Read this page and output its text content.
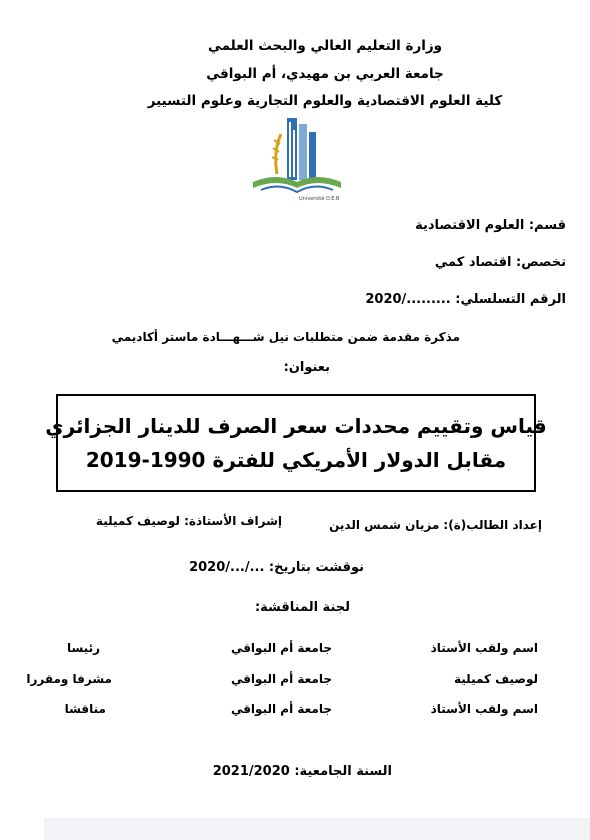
وزارة التعليم العالي والبحث العلمي
جامعة العربي بن مهيدي، أم البواقي
كلية العلوم الاقتصادية والعلوم التجارية وعلوم التسيير
Université O.E.B
قسم: العلوم الاقتصادية
تخصص: اقتصاد كمي
الرقم التسلسلي: ........./2020
مذكرة مقدمة ضمن متطلبات نيل شـــهـــادة ماستر أكاديمي
بعنوان:
قياس وتقييم محددات سعر الصرف للدينار الجزائري
مقابل الدولار الأمريكي للفترة 1990-2019
إعداد الطالب(ة): مزيان شمس الدين
إشراف الأستاذة: لوصيف كميلية
نوقشت بتاريخ: .../.../2020
لجنة المناقشة:
اسم ولقب الأستاذ
جامعة أم البواقي
رئيسا
لوصيف كميلية
جامعة أم البواقي
مشرفا ومقررا
اسم ولقب الأستاذ
جامعة أم البواقي
مناقشا
السنة الجامعية: 2021/2020
